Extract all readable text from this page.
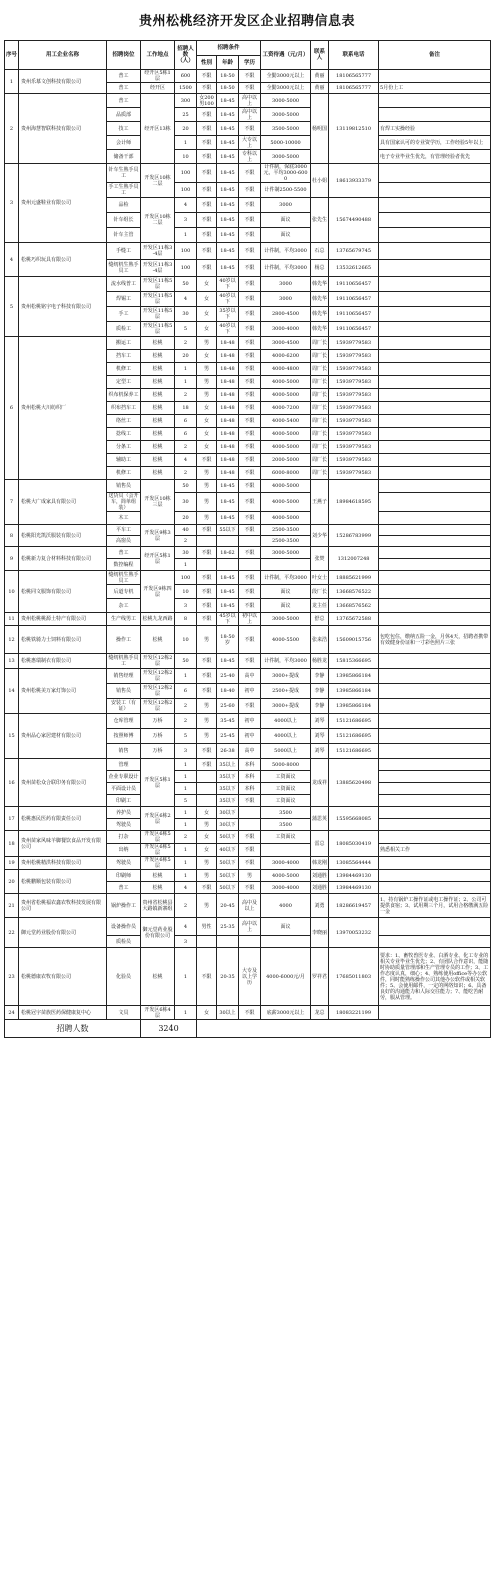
贵州松桃经济开发区企业招聘信息表
序号	用工企业名称	招聘岗位	工作地点	招聘人数（人）	招聘条件			工资待遇（元/月）	联系人	联系电话	备注
					性别	年龄	学历				
1	贵州乐慕文创科技有限公司	普工	经开区5栋1层	600	不限	18-50	不限	全勤3000元以上	黄丽	18106565777	
		普工	经开区	1500	不限	18-50	不限	全勤3000元以上	黄丽	18106565777	5月份上工
2	贵州海慧智联科技有限公司	普工	经开区13栋	300	女200男100	18-45	高中以上	3000-5000	杨明国	13119812510	
		品质部		25	不限	18-45	高中以上	3000-5000			
		技工		20	不限	18-45	不限	3500-5000			有焊工实操经验
		会计师		1	不限	18-45	大专以上	5000-10000			具有国家认可的专业资学历，工作经验5年以上
		储备干部		10	不限	18-45	专科以上	3000-5000			电子专业毕业生优先，有管理经验者优先
3	贵州元盛鞋业有限公司	针车生熟手员工	开发区10栋二层	100	不限	18-45	不限	计件制，保底3000元，平均3000-6000	杜小姐	18613933379	
		手工生熟手员工		100	不限	18-45	不限	计件制2500-5500			
		品检	开发区10栋二层	4	不限	18-45	不限	3000	张先生	15674490488	
		针车组长		3	不限	18-45	不限	面议			
		针车主管		1	不限	18-45	不限	面议			
4	松桃巧织玩具有限公司	手缝工	开发区11栋3-4层	100	不限	18-45	不限	计件制，平均3000	石总	13765679745	
		缝纫机生熟手员工	开发区11栋3-4层	100	不限	18-45	不限	计件制，平均3000	杨总	13532612665	
5	贵州松桃铭宇电子科技有限公司	流水线普工	开发区11栋5层	50	女	40岁以下	不限	3000	韩先华	19110656457	
		焊锡工	开发区11栋5层	4	女	40岁以下	不限	3000	韩先华	19110656457	
		手工	开发区11栋5层	30	女	35岁以下	不限	2800-4500	韩先华	19110656457	
		质检工	开发区11栋5层	5	女	40岁以下	不限	3000-4000	韩先华	19110656457	
6	贵州松桃大川纺织厂	搬运工	松桃	2	男	18-48	不限	3000-4500	周厂长	15939779583	
		挡车工	松桃	20	女	18-48	不限	4000-6200	周厂长	15939779583	
		机修工	松桃	1	男	18-48	不限	4000-4800	周厂长	15939779583	
		定型工	松桃	1	男	18-48	不限	4000-5000	周厂长	15939779583	
		织布机保养工	松桃	2	男	18-48	不限	4000-5000	周厂长	15939779583	
		织布挡车工	松桃	18	女	18-48	不限	4000-7200	周厂长	15939779583	
		络丝工	松桃	6	女	18-48	不限	4000-5400	周厂长	15939779583	
		捻线工	松桃	6	女	18-48	不限	4000-5000	周厂长	15939779583	
		分条工	松桃	2	女	18-48	不限	4000-5000	周厂长	15939779583	
		辅助工	松桃	4	不限	18-48	不限	2000-5000	周厂长	15939779583	
		机修工	松桃	2	男	18-48	不限	6000-8000	周厂长	15939779583	
7	松桃大广成家具有限公司	销售员	开发区10栋三层	50	男	18-45	不限	4000-5000	王燕子	18984618595	
		送货员（会开车，简单组装）		30	男	18-45	不限	4000-5000			
		木工		20	男	18-45	不限	4000-5000			
8	松桃阳光凯沃服装有限公司	平车工	开发区9栋3层	40	不限	55以下	不限	2500-3500	刘少华	15286783999	
		高窗员		2				2500-3500			
9	松桃新力复合材料科技有限公司	普工	经开区5栋1层	30	不限	18-62	不限	3000-5000	张焚	1312007248	
		数控编程		1							
10	松桃同文服饰有限公司	缝纫机生熟手员工	开发区9栋四层	100	不限	18-45	不限	计件制，平均3000	叶女士	18885621999	
		后道专机		10	不限	18-45	不限	面议	段厂长	13668576522	
		杂工		3	不限	18-45	不限	面议	龙主任	13668576562	
11	贵州松桃桃源土特产有限公司	生产线男工	松桃九龙西路	8	不限	45岁以下	初中以上	3000-5000	舒总	13765672588	
12	松桃铁骑力士饲料有限公司	操作工	松桃	10	男	18-50岁	不限	4000-5500	张来浩	15609015756	包吃包住，缴纳五险一金，月休4天，招聘者携带有效健身份证和一寸彩色照片三张
13	松桃惠瑞制衣有限公司	缝纫机熟手员工	开发区12栋2层	50	不限	18-45	不限	计件制，平均3000	杨胜龙	15815366695	
14	贵州松桃美万家灯饰公司	销售经理	开发区12栋2层	1	不限	25-40	高中	3000+提成	李静	13985866184	
		销售员	开发区12栋2层	6	不限	18-40	初中	2500+提成	李静	13985866184	
		安装工（有证）	开发区12栋2层	2	男	25-60	不限	3000+提成	李静	13985866184	
15	贵州品心家居建材有限公司	仓库管理	万桥	2	男	35-45	初中	4000以上	刘琴	15121686695	
		按照师傅	万桥	5	男	25-45	初中	4000以上	刘琴	15121686695	
		销售	万桥	3	不限	26-38	高中	5000以上	刘琴	15121686695	
16	贵州苗松众合联印务有限公司	管理	开发区5栋1层	1	不限	35以上	本科	5000-8000	龙成祥	13885620498	
		企业专职设计		1		35以下	本科	工资面议			
		平面设计员		1		35以下	本科	工资面议			
		印刷工		5		35以下	不限	工资面议			
17	松桃惠民医药有限责任公司	养护员	开发区6栋2层	1	女	30以下		3500	蒲思英	15595668085	
		驾驶员		1	男	30以下		3500			
18	贵州苗家风味羊脚餐饮食品开发有限公司	打杂	开发区6栋5层	2	女	50以下	不限	工资面议	雷总	18085030419	
		出纳	开发区6栋5层	1	女	40以下	不限				熟悉相关工作
19	贵州松桃精洪科技有限公司	驾驶员	开发区6栋5层	1	男	50以下	不限	3000-4000	韩龙刚	13085564444	
20	松桃鹏顺包装有限公司	印刷师	松桃	1	男	50以下	男	4000-5000	刘通胜	13984469130	
		普工	松桃	4	不限	50以下	不限	3000-4000	刘通胜	13984469130	
21	贵州省松桃福农鑫农牧科技发展有限公司	锅炉操作工	贵州省松桃县大路镇新寨组	2	男	20-45	高中及以上	4000	刘勇	18286619457	1、持有锅炉工操作证或电工操作证；2、公司可提供食宿；3、试用期三个月，试用合格缴满五险一金
22	御元堂药业股份有限公司	设备操作员	御元堂药业股份有限公司	4	男性	25-35	高中以上	面议	李晓丽	13970053232	
		质检员		3							
23	松桃德康农牧有限公司	化验员	松桃	1	不限	20-35	大专及以上学历	4000-6000元/月	罗祥君	17685011803	要求：1、畜牧兽医专业、白酒专业、化工专业的相关专业毕业生优先；2、有团队合作意识，能随时协助质量管理部和生产管理专员的工作；3、工作态度认真，细心；4、熟练使用office等办公软件，同时能熟练操作公司其他办公软件或相关软件；5、会使用邮件，一定的网络知识；6、具备良好的沟通能力和人际交往能力；7、能吃苦耐劳，服从管理。
24	松桃冠宇苗族医药保健康复中心	文员	开发区6栋4层	1	女	30以上	不限	底薪3000元以上	龙总	18083221199	
招聘人数			3240								
